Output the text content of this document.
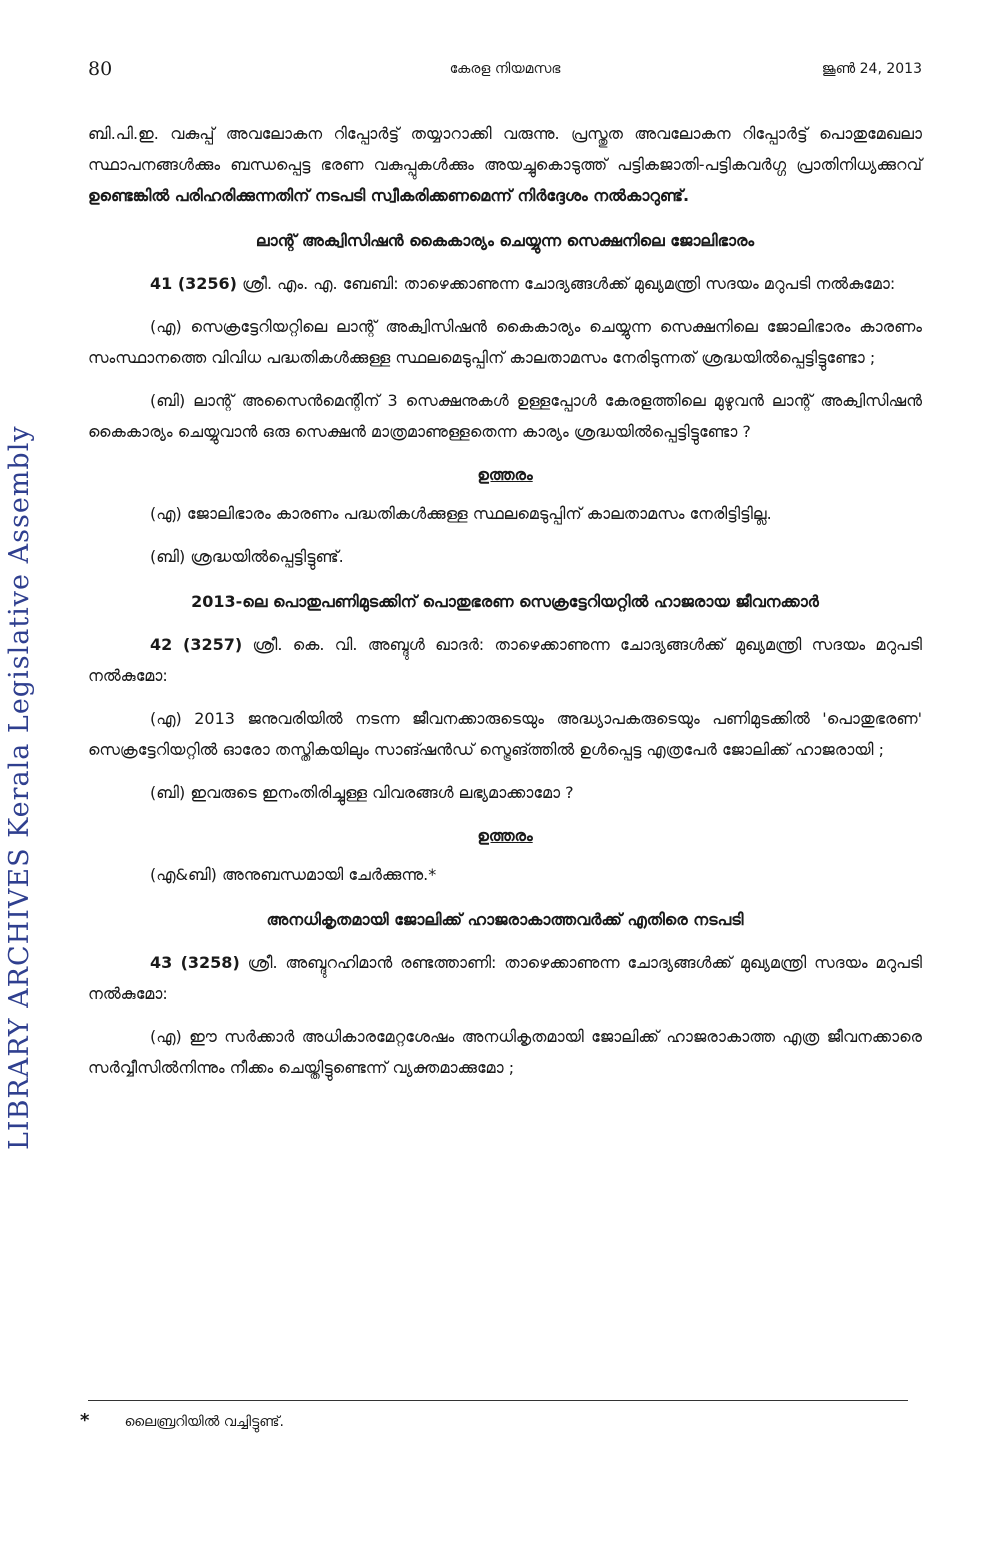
LIBRARY ARCHIVES Kerala Legislative Assembly
80	കേരള നിയമസഭ	ജൂൺ 24, 2013

ബി.പി.ഇ. വകുപ്പ് അവലോകന റിപ്പോർട്ട് തയ്യാറാക്കി വരുന്നു. പ്രസ്തുത അവലോകന റിപ്പോർട്ട് പൊതുമേഖലാ സ്ഥാപനങ്ങൾക്കും ബന്ധപ്പെട്ട ഭരണ വകുപ്പുകൾക്കും അയച്ചുകൊടുത്ത് പട്ടികജാതി-പട്ടികവർഗ്ഗ പ്രാതിനിധ്യക്കുറവ് ഉണ്ടെങ്കിൽ പരിഹരിക്കുന്നതിന് നടപടി സ്വീകരിക്കണമെന്ന് നിർദ്ദേശം നൽകാറുണ്ട്.

ലാന്റ് അക്വിസിഷൻ കൈകാര്യം ചെയ്യുന്ന സെക്ഷനിലെ ജോലിഭാരം

41 (3256) ശ്രീ. എം. എ. ബേബി: താഴെക്കാണുന്ന ചോദ്യങ്ങൾക്ക് മുഖ്യമന്ത്രി സദയം മറുപടി നൽകുമോ:

(എ) സെക്രട്ടേറിയറ്റിലെ ലാന്റ് അക്വിസിഷൻ കൈകാര്യം ചെയ്യുന്ന സെക്ഷനിലെ ജോലിഭാരം കാരണം സംസ്ഥാനത്തെ വിവിധ പദ്ധതികൾക്കുള്ള സ്ഥലമെടുപ്പിന് കാലതാമസം നേരിടുന്നത് ശ്രദ്ധയിൽപ്പെട്ടിട്ടുണ്ടോ ;

(ബി) ലാന്റ് അസൈൻമെന്റിന് 3 സെക്ഷനുകൾ ഉള്ളപ്പോൾ കേരളത്തിലെ മുഴുവൻ ലാന്റ് അക്വിസിഷൻ കൈകാര്യം ചെയ്യുവാൻ ഒരു സെക്ഷൻ മാത്രമാണുള്ളതെന്ന കാര്യം ശ്രദ്ധയിൽപ്പെട്ടിട്ടുണ്ടോ ?

ഉത്തരം

(എ) ജോലിഭാരം കാരണം പദ്ധതികൾക്കുള്ള സ്ഥലമെടുപ്പിന് കാലതാമസം നേരിട്ടിട്ടില്ല.

(ബി) ശ്രദ്ധയിൽപ്പെട്ടിട്ടുണ്ട്.

2013-ലെ പൊതുപണിമുടക്കിന് പൊതുഭരണ സെക്രട്ടേറിയറ്റിൽ ഹാജരായ ജീവനക്കാർ

42 (3257) ശ്രീ. കെ. വി. അബ്ദുൾ ഖാദർ: താഴെക്കാണുന്ന ചോദ്യങ്ങൾക്ക് മുഖ്യമന്ത്രി സദയം മറുപടി നൽകുമോ:

(എ) 2013 ജനുവരിയിൽ നടന്ന ജീവനക്കാരുടെയും അദ്ധ്യാപകരുടെയും പണിമുടക്കിൽ 'പൊതുഭരണ' സെക്രട്ടേറിയറ്റിൽ ഓരോ തസ്തികയിലും സാങ്ഷൻഡ് സ്ട്രെങ്ത്തിൽ ഉൾപ്പെട്ട എത്രപേർ ജോലിക്ക് ഹാജരായി ;

(ബി) ഇവരുടെ ഇനംതിരിച്ചുള്ള വിവരങ്ങൾ ലഭ്യമാക്കാമോ ?

ഉത്തരം

(എ&ബി) അനുബന്ധമായി ചേർക്കുന്നു.*

അനധികൃതമായി ജോലിക്ക് ഹാജരാകാത്തവർക്ക് എതിരെ നടപടി

43 (3258) ശ്രീ. അബ്ദുറഹിമാൻ രണ്ടത്താണി: താഴെക്കാണുന്ന ചോദ്യങ്ങൾക്ക് മുഖ്യമന്ത്രി സദയം മറുപടി നൽകുമോ:

(എ) ഈ സർക്കാർ അധികാരമേറ്റശേഷം അനധികൃതമായി ജോലിക്ക് ഹാജരാകാത്ത എത്ര ജീവനക്കാരെ സർവ്വീസിൽനിന്നും നീക്കം ചെയ്തിട്ടുണ്ടെന്ന് വ്യക്തമാക്കുമോ ;

*	ലൈബ്രറിയിൽ വച്ചിട്ടുണ്ട്.
